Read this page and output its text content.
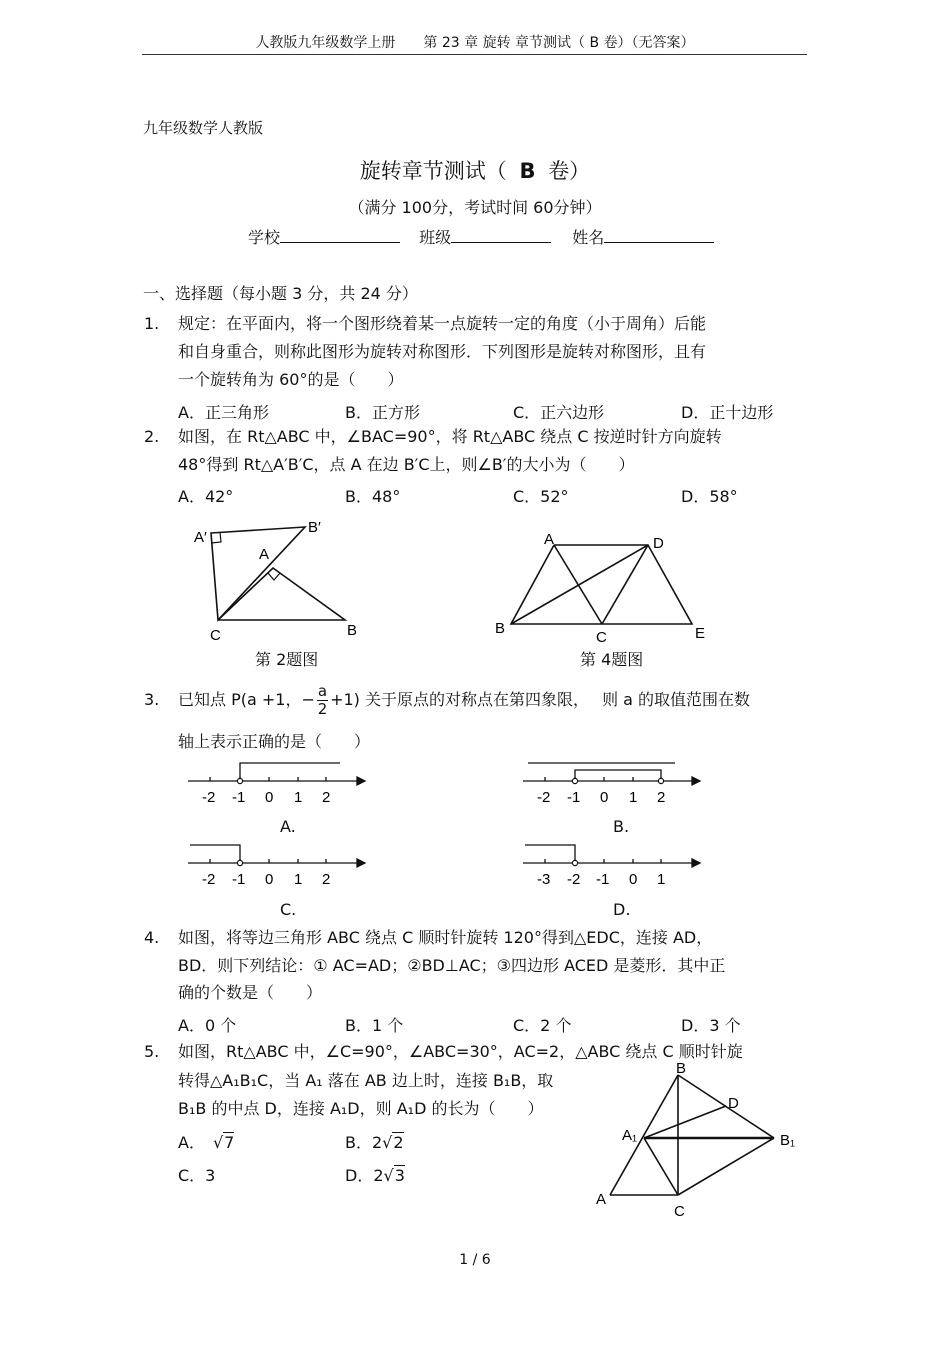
人教版九年级数学上册　　第 23 章 旋转 章节测试（ B 卷）（无答案）
九年级数学人教版
旋转章节测试（ B 卷）
（满分 100分，考试时间 60分钟）
学校	班级	姓名
一、选择题（每小题 3 分，共 24 分）
1. 规定：在平面内，将一个图形绕着某一点旋转一定的角度（小于周角）后能
和自身重合，则称此图形为旋转对称图形．下列图形是旋转对称图形，且有
一个旋转角为 60°的是（　　）
A．正三角形	B．正方形	C．正六边形	D．正十边形
2. 如图，在 Rt△ABC 中，∠BAC=90°，将 Rt△ABC 绕点 C 按逆时针方向旋转
48°得到 Rt△A′B′C，点 A 在边 B′C上，则∠B′的大小为（　　）
A．42°	B．48°	C．52°	D．58°
A′
B′
A
C	B
第 2题图
A	D
B
C	E
第 4题图
3. 已知点 P(a +1，− $\frac{a}{2} +1$) 关于原点的对称点在第四象限，　 则 a 的取值范围在数
轴上表示正确的是（　　）
-2 -1 0 1 2
A.
-2 -1 0 1 2
B.
-2 -1 0 1 2
C.
-3 -2 -1 0 1
D.
4. 如图，将等边三角形 ABC 绕点 C 顺时针旋转 120°得到△EDC，连接 AD，
BD．则下列结论：① AC=AD；②BD⊥AC；③四边形 ACED 是菱形．其中正
确的个数是（　　）
A．0 个	B．1 个	C．2 个	D．3 个
5. 如图，Rt△ABC 中，∠C=90°，∠ABC=30°，AC=2，△ABC 绕点 C 顺时针旋
转得△A₁B₁C，当 A₁ 落在 AB 边上时，连接 B₁B，取
B₁B 的中点 D，连接 A₁D，则 A₁D 的长为（　　）
A． √7	B．2√2
C．3	D．2√3
B
D
A₁	B₁
A
C
1 / 6
